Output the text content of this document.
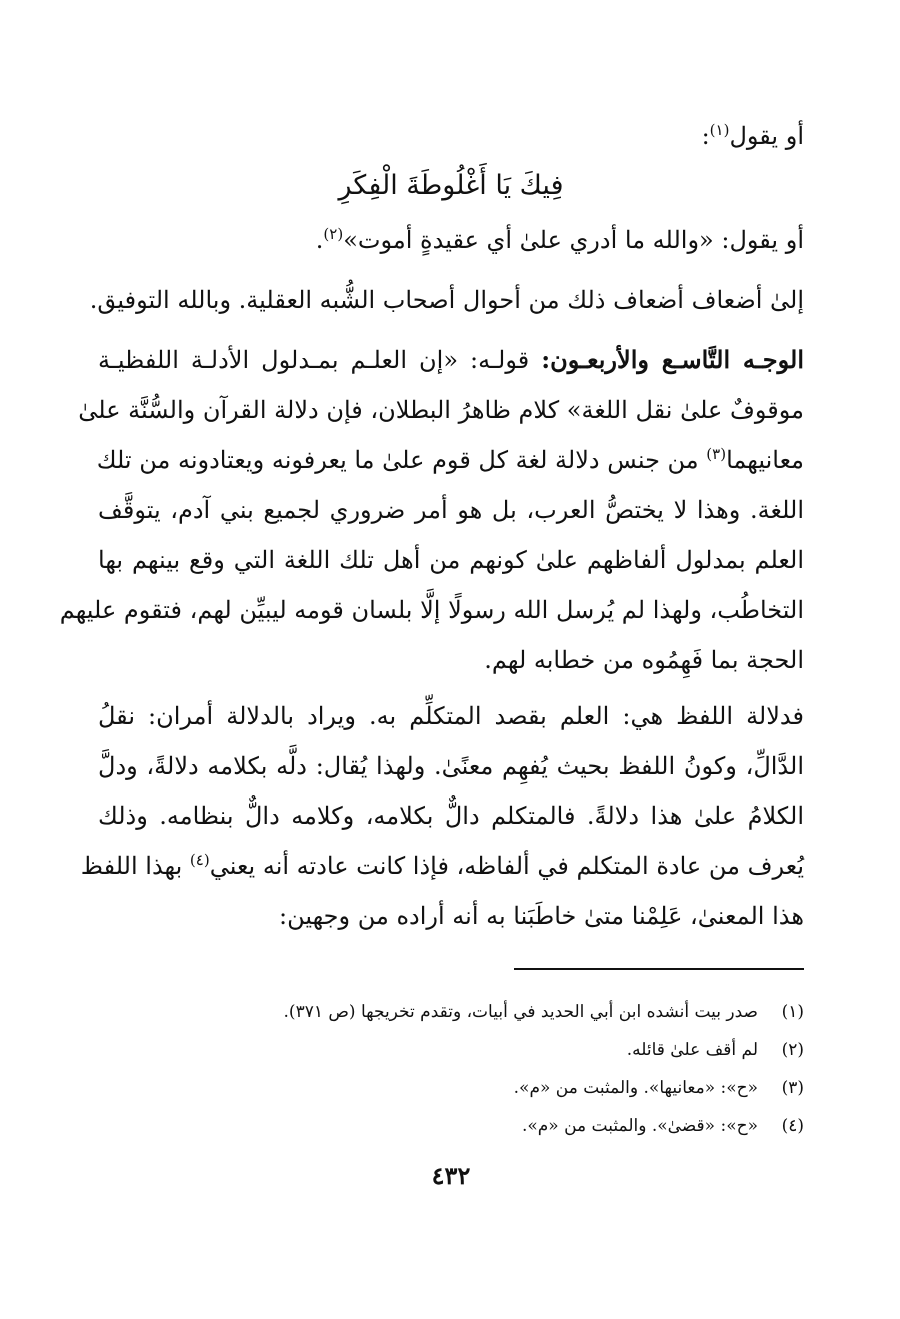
أو يقول$^{(١)}$:
فِيكَ يَا أَغْلُوطَةَ الْفِكَرِ
أو يقول: «والله ما أدري علىٰ أي عقيدةٍ أموت»$^{(٢)}$.
إلىٰ أضعاف أضعاف ذلك من أحوال أصحاب الشُّبه العقلية. وبالله التوفيق.
الوجـه التَّاسـع والأربعـون: قولـه: «إن العلـم بمـدلول الأدلـة اللفظيـة
موقوفٌ علىٰ نقل اللغة» كلام ظاهرُ البطلان، فإن دلالة القرآن والسُّنَّة علىٰ
معانيهما$^{(٣)}$ من جنس دلالة لغة كل قوم علىٰ ما يعرفونه ويعتادونه من تلك
اللغة. وهذا لا يختصُّ العرب، بل هو أمر ضروري لجميع بني آدم، يتوقَّف
العلم بمدلول ألفاظهم علىٰ كونهم من أهل تلك اللغة التي وقع بينهم بها
التخاطُب، ولهذا لم يُرسل الله رسولًا إلَّا بلسان قومه ليبيِّن لهم، فتقوم عليهم
الحجة بما فَهِمُوه من خطابه لهم.
فدلالة اللفظ هي: العلم بقصد المتكلِّم به. ويراد بالدلالة أمران: نقلُ
الدَّالِّ، وكونُ اللفظ بحيث يُفهِم معنًىٰ. ولهذا يُقال: دلَّه بكلامه دلالةً، ودلَّ
الكلامُ علىٰ هذا دلالةً. فالمتكلم دالٌّ بكلامه، وكلامه دالٌّ بنظامه. وذلك
يُعرف من عادة المتكلم في ألفاظه، فإذا كانت عادته أنه يعني$^{(٤)}$ بهذا اللفظ
هذا المعنىٰ، عَلِمْنا متىٰ خاطَبَنا به أنه أراده من وجهين:
(١)صدر بيت أنشده ابن أبي الحديد في أبيات، وتقدم تخريجها (ص ٣٧١).
(٢)لم أقف علىٰ قائله.
(٣)«ح»: «معانيها». والمثبت من «م».
(٤)«ح»: «قضىٰ». والمثبت من «م».
٤٣٢
